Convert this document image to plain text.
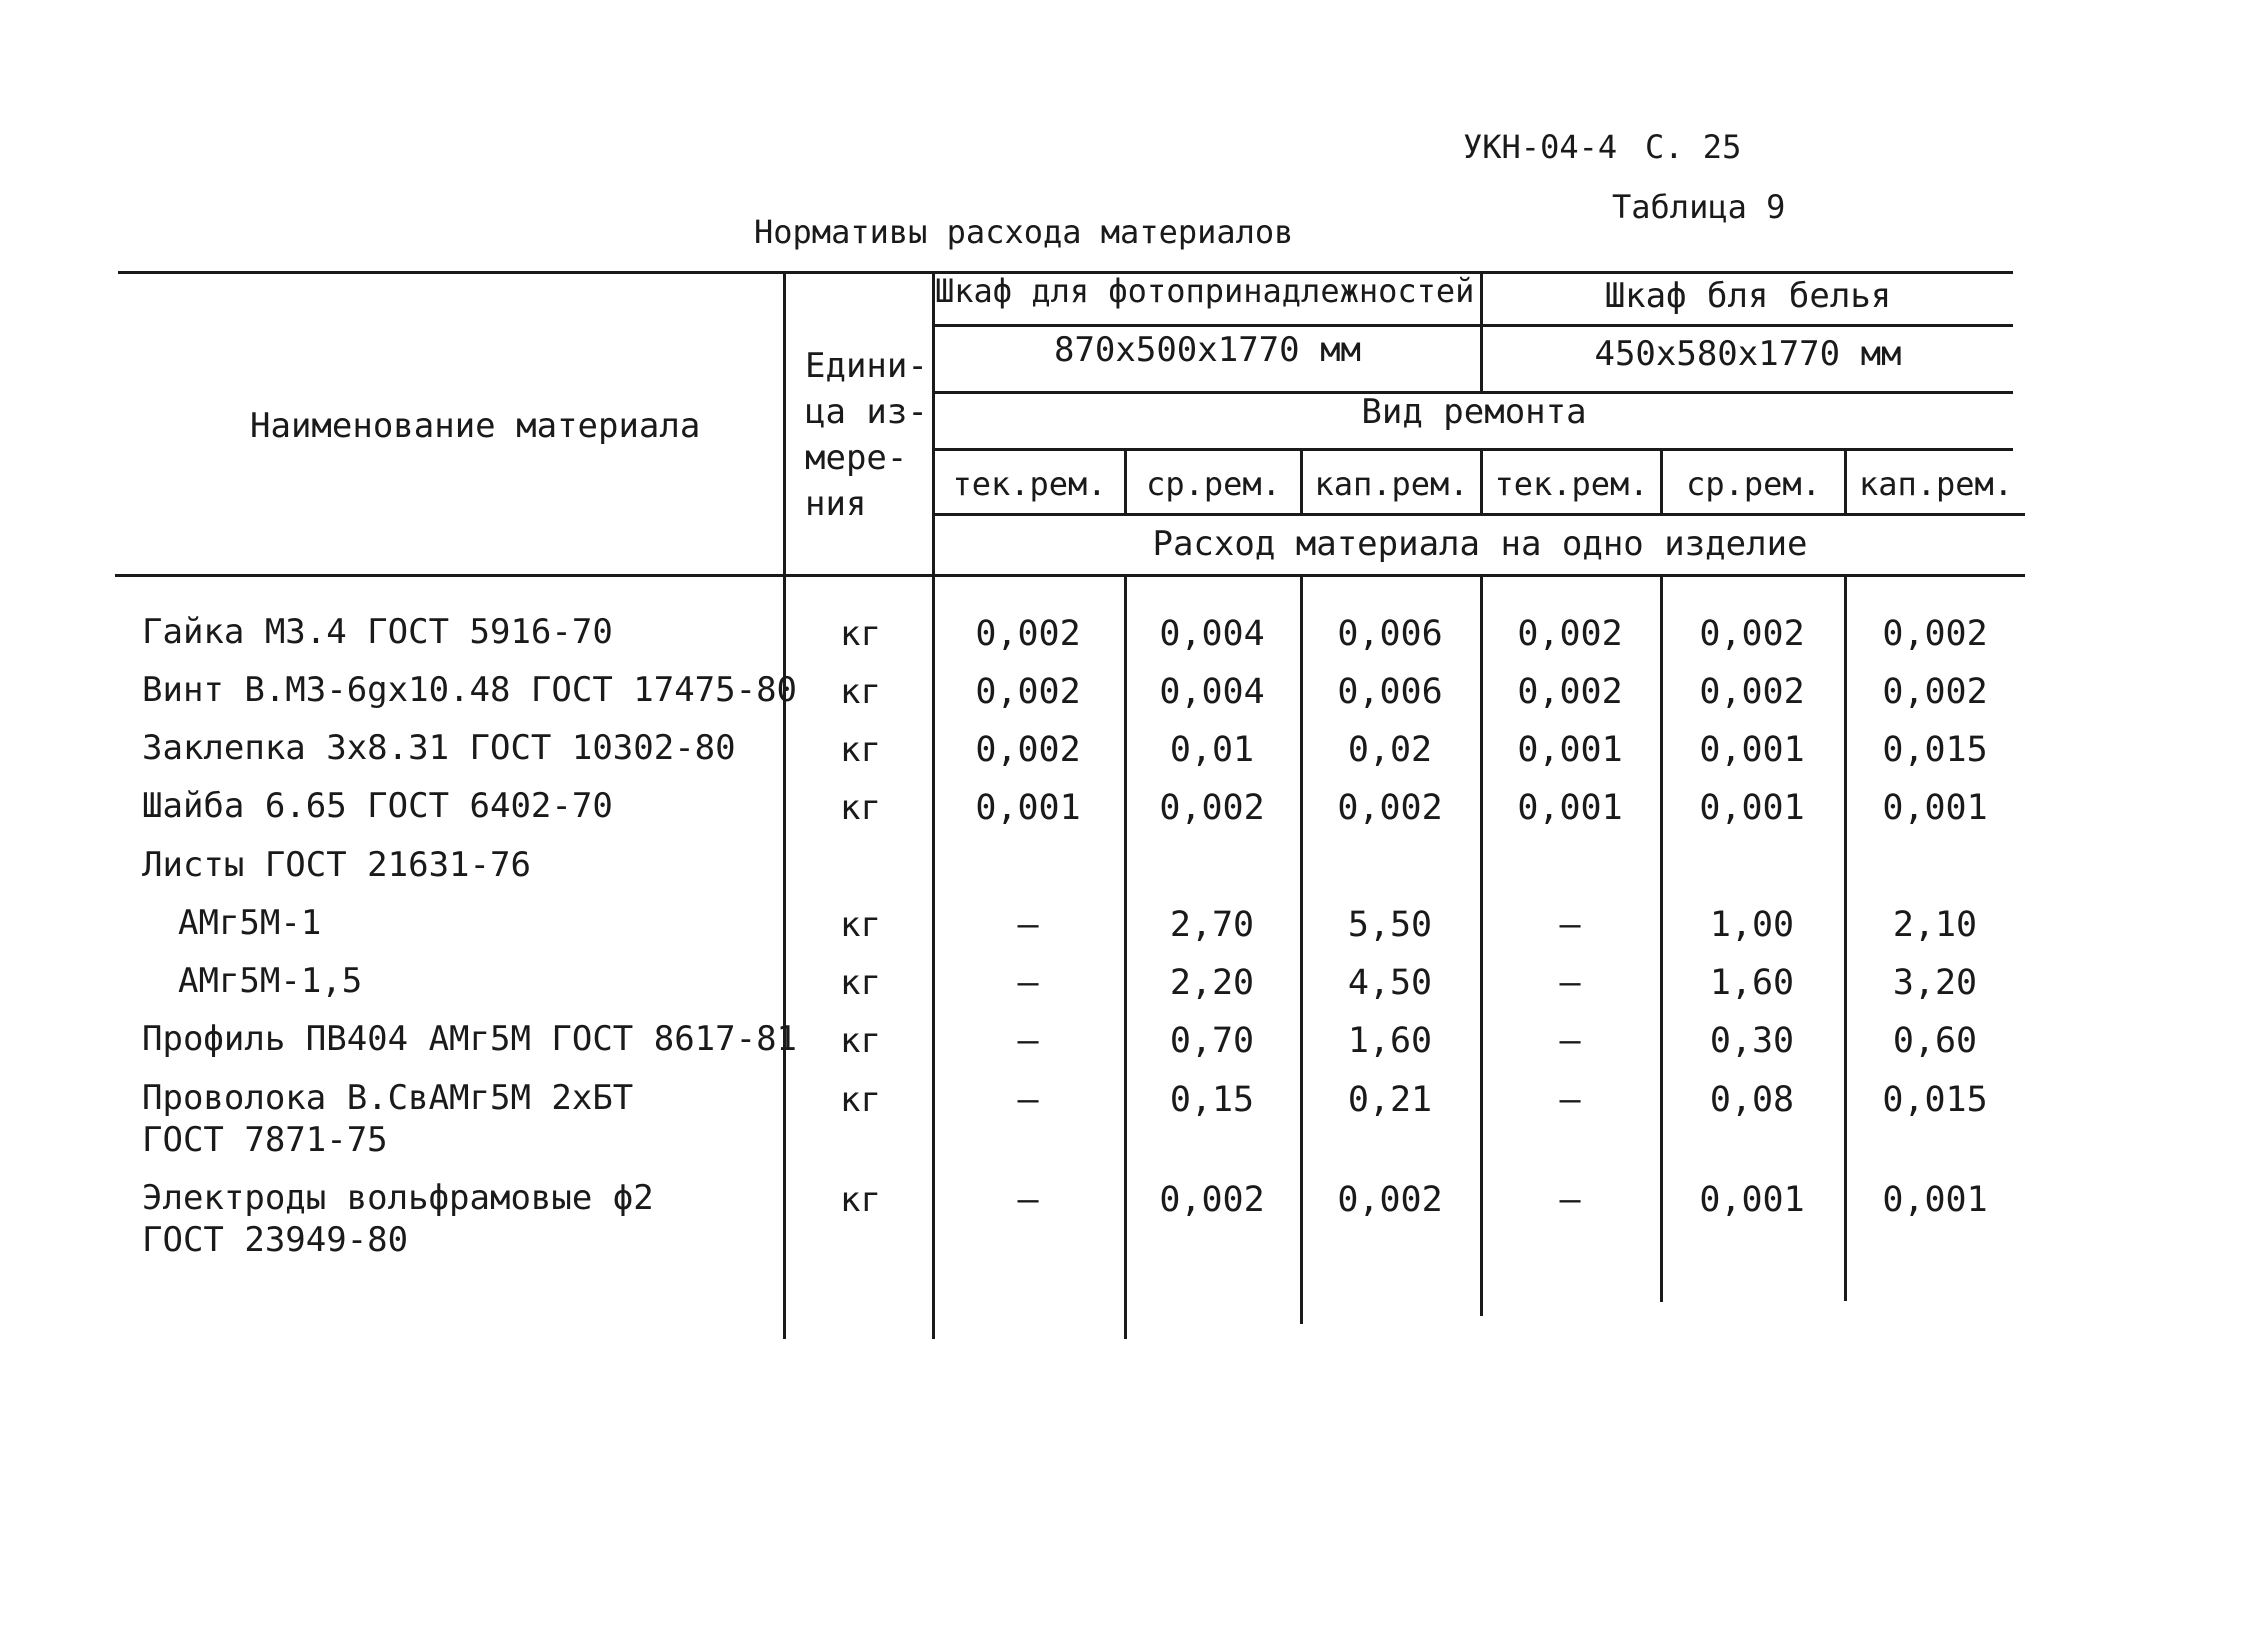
УКН-04-4 С. 25
Таблица 9
Нормативы расхода материалов
Наименование материала
Едини-
ца из-
мере-
ния
Шкаф для фотопринадлежностей
870х500х1770 мм
Шкаф бля белья
450х580х1770 мм
Вид ремонта
тек.рем.	ср.рем.	кап.рем. тек.рем.	ср.рем.	кап.рем.
Расход материала на одно изделие
Гайка М3.4 ГОСТ 5916-70	кг	0,002	0,004	0,006	0,002	0,002	0,002
Винт В.М3-6gх10.48 ГОСТ 17475-80 кг	0,002	0,004	0,006	0,002	0,002	0,002
Заклепка 3х8.31 ГОСТ 10302-80	кг	0,002	0,01	0,02	0,001	0,001	0,015
Шайба 6.65 ГОСТ 6402-70	кг	0,001	0,002	0,002	0,001	0,001	0,001
Листы ГОСТ 21631-76
АМг5М-1	кг	–	2,70	5,50	–	1,00	2,10
АМг5М-1,5	кг	–	2,20	4,50	–	1,60	3,20
Профиль ПВ404 АМг5М ГОСТ 8617-81 кг	–	0,70	1,60	–	0,30	0,60
Проволока В.СвАМг5М 2хБТ
ГОСТ 7871-75
кг	–	0,15	0,21	–	0,08	0,015
Электроды вольфрамовые ϕ2
ГОСТ 23949-80
кг	–	0,002	0,002	–	0,001	0,001
